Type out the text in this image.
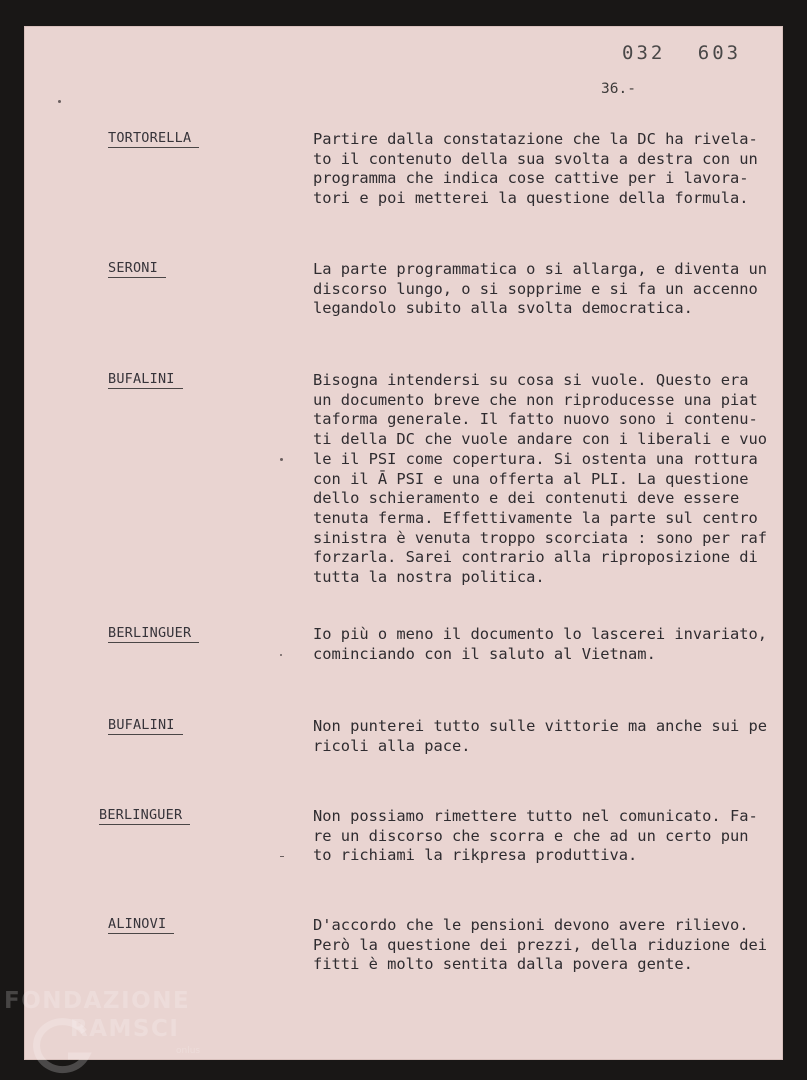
032 603
36.-
TORTORELLA	Partire dalla constatazione che la DC ha rivela-
to il contenuto della sua svolta a destra con un
programma che indica cose cattive per i lavora-
tori e poi metterei la questione della formula.
SERONI	La parte programmatica o si allarga, e diventa un
discorso lungo, o si sopprime e si fa un accenno
legandolo subito alla svolta democratica.
BUFALINI	Bisogna intendersi su cosa si vuole. Questo era
un documento breve che non riproducesse una piat
taforma generale. Il fatto nuovo sono i contenu-
ti della DC che vuole andare con i liberali e vuo
le il PSI come copertura. Si ostenta una rottura
con il Ā PSI e una offerta al PLI. La questione
dello schieramento e dei contenuti deve essere
tenuta ferma. Effettivamente la parte sul centro
sinistra è venuta troppo scorciata : sono per raf
forzarla. Sarei contrario alla riproposizione di
tutta la nostra politica.
BERLINGUER	Io più o meno il documento lo lascerei invariato,
cominciando con il saluto al Vietnam.
BUFALINI	Non punterei tutto sulle vittorie ma anche sui pe
ricoli alla pace.
BERLINGUER	Non possiamo rimettere tutto nel comunicato. Fa-
re un discorso che scorra e che ad un certo pun
to richiami la rikpresa produttiva.
ALINOVI	D'accordo che le pensioni devono avere rilievo.
Però la questione dei prezzi, della riduzione dei
fitti è molto sentita dalla povera gente.
FONDAZIONE
RAMSCI
onlus
